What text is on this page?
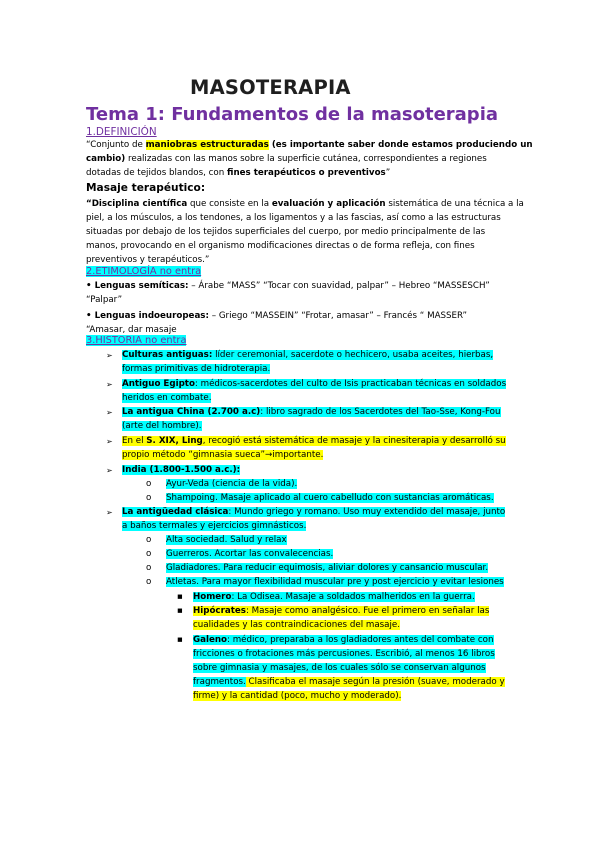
MASOTERAPIA
Tema 1: Fundamentos de la masoterapia
1.DEFINICIÓN
“Conjunto de maniobras estructuradas (es importante saber donde estamos produciendo un
cambio) realizadas con las manos sobre la superficie cutánea, correspondientes a regiones
dotadas de tejidos blandos, con fines terapéuticos o preventivos”
Masaje terapéutico:
“Disciplina científica que consiste en la evaluación y aplicación sistemática de una técnica a la
piel, a los músculos, a los tendones, a los ligamentos y a las fascias, así como a las estructuras
situadas por debajo de los tejidos superficiales del cuerpo, por medio principalmente de las
manos, provocando en el organismo modificaciones directas o de forma refleja, con fines
preventivos y terapéuticos.”
2.ETIMOLOGÍA no entra
• Lenguas semíticas: – Árabe “MASS” “Tocar con suavidad, palpar” – Hebreo “MASSESCH”
“Palpar”
• Lenguas indoeuropeas: – Griego “MASSEIN” “Frotar, amasar” – Francés “ MASSER”
“Amasar, dar masaje
3.HISTORIA no entra
➢ Culturas antiguas: líder ceremonial, sacerdote o hechicero, usaba aceites, hierbas,
formas primitivas de hidroterapia.
➢ Antiguo Egipto: médicos-sacerdotes del culto de Isis practicaban técnicas en soldados
heridos en combate.
➢ La antigua China (2.700 a.c): libro sagrado de los Sacerdotes del Tao-Sse, Kong-Fou
(arte del hombre).
➢ En el S. XIX, Ling, recogió está sistemática de masaje y la cinesiterapia y desarrolló su
propio método “gimnasia sueca”→importante.
➢ India (1.800-1.500 a.c.):
o Ayur-Veda (ciencia de la vida).
o Shampoing. Masaje aplicado al cuero cabelludo con sustancias aromáticas.
➢ La antigüedad clásica: Mundo griego y romano. Uso muy extendido del masaje, junto
a baños termales y ejercicios gimnásticos.
o Alta sociedad. Salud y relax
o Guerreros. Acortar las convalecencias.
o Gladiadores. Para reducir equimosis, aliviar dolores y cansancio muscular.
o Atletas. Para mayor flexibilidad muscular pre y post ejercicio y evitar lesiones
▪ Homero: La Odisea. Masaje a soldados malheridos en la guerra.
▪ Hipócrates: Masaje como analgésico. Fue el primero en señalar las
cualidades y las contraindicaciones del masaje.
▪ Galeno: médico, preparaba a los gladiadores antes del combate con
fricciones o frotaciones más percusiones. Escribió, al menos 16 libros
sobre gimnasia y masajes, de los cuales sólo se conservan algunos
fragmentos. Clasificaba el masaje según la presión (suave, moderado y
firme) y la cantidad (poco, mucho y moderado).
